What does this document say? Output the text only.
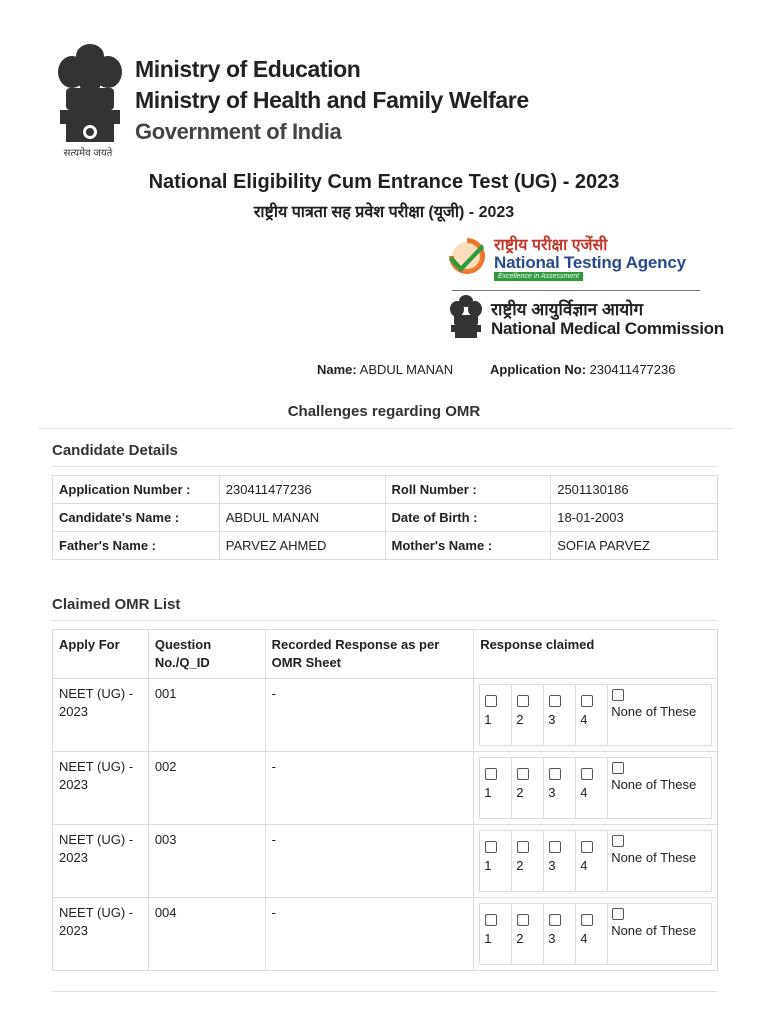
Ministry of Education
Ministry of Health and Family Welfare
Government of India
सत्यमेव जयते
National Eligibility Cum Entrance Test (UG) - 2023
राष्ट्रीय पात्रता सह प्रवेश परीक्षा (यूजी) - 2023
राष्ट्रीय परीक्षा एजेंसी
National Testing Agency
Excellence in Assessment
राष्ट्रीय आयुर्विज्ञान आयोग
National Medical Commission
Name: ABDUL MANAN	Application No: 230411477236
Challenges regarding OMR
Candidate Details
Application Number :	230411477236	Roll Number :	2501130186
Candidate's Name :	ABDUL MANAN	Date of Birth :	18-01-2003
Father's Name :	PARVEZ AHMED	Mother's Name :	SOFIA PARVEZ
Claimed OMR List
Apply For	Question No./Q_ID	Recorded Response as per OMR Sheet	Response claimed
NEET (UG) - 2023	001	-	1 2 3 4
None of These

NEET (UG) - 2023	002	-	1 2 3 4
None of These

NEET (UG) - 2023	003	-	1 2 3 4
None of These

NEET (UG) - 2023	004	-	1 2 3 4
None of These
